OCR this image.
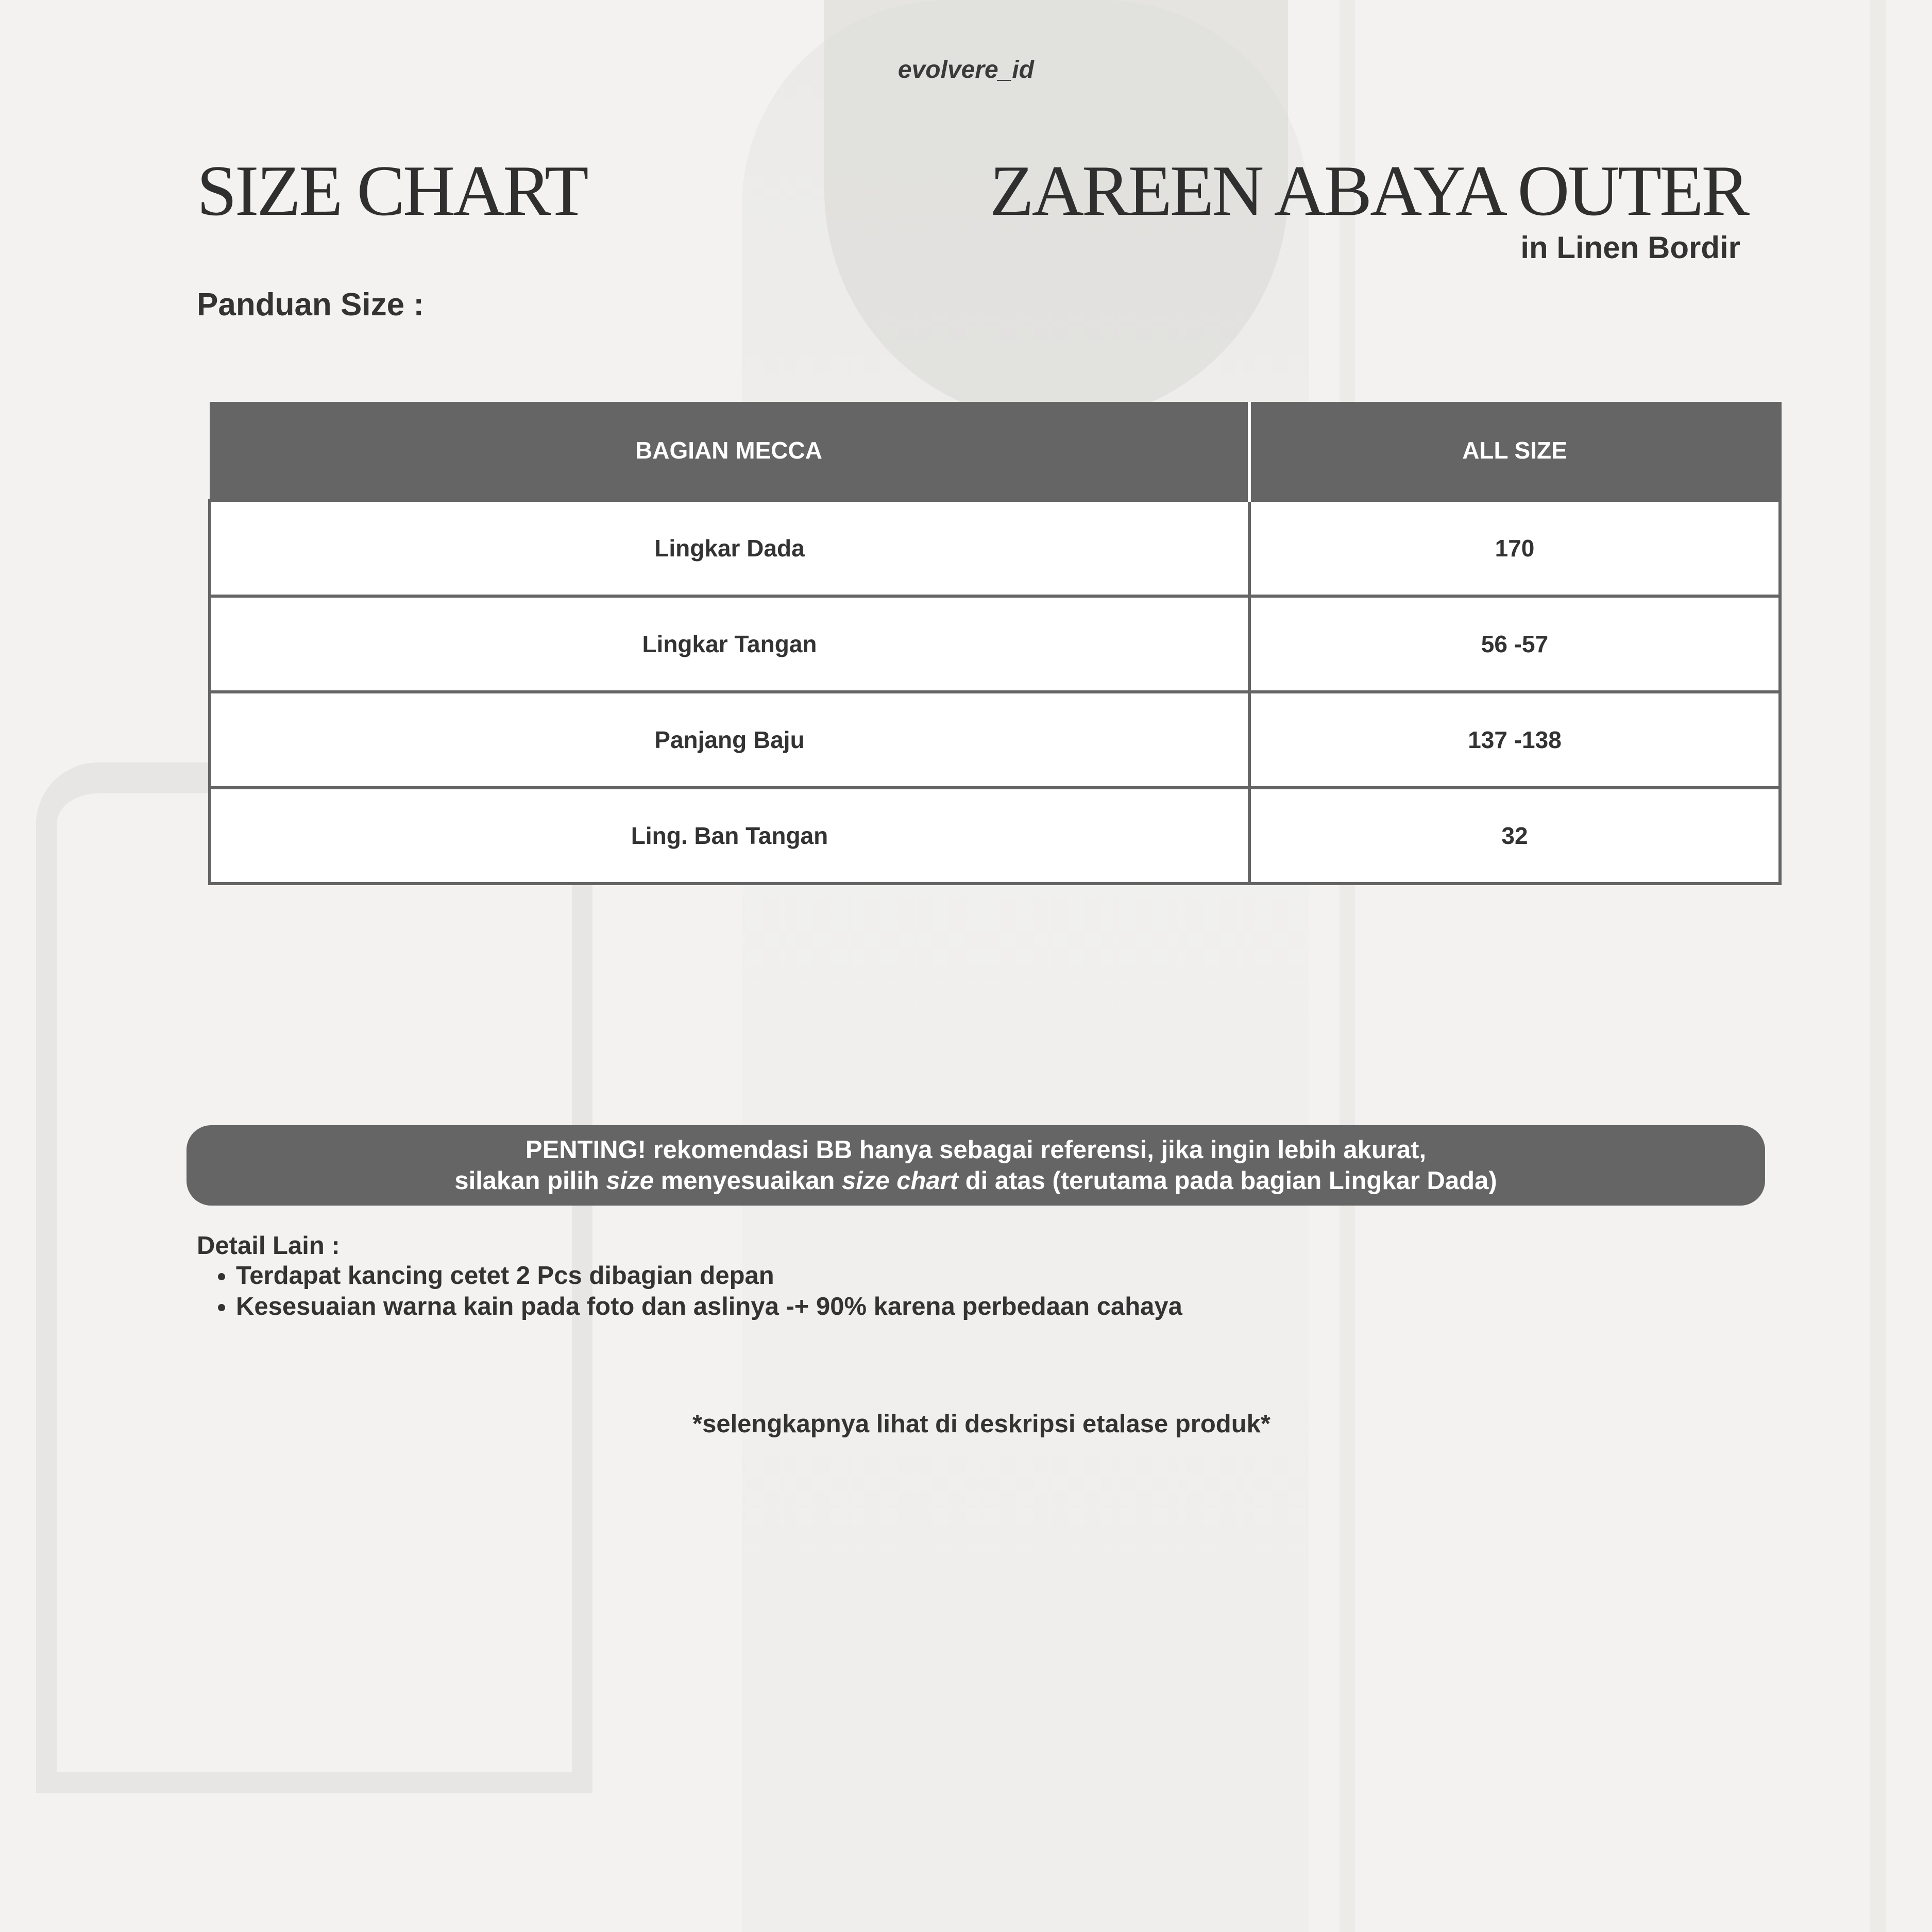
evolvere_id
SIZE CHART	ZAREEN ABAYA OUTER
in Linen Bordir
Panduan Size :
BAGIAN MECCA	ALL SIZE
Lingkar Dada	170
Lingkar Tangan	56 -57
Panjang Baju	137 -138
Ling. Ban Tangan	32
PENTING! rekomendasi BB hanya sebagai referensi, jika ingin lebih akurat,
silakan pilih size menyesuaikan size chart di atas (terutama pada bagian Lingkar Dada)
Detail Lain :
• Terdapat kancing cetet 2 Pcs dibagian depan
• Kesesuaian warna kain pada foto dan aslinya -+ 90% karena perbedaan cahaya
*selengkapnya lihat di deskripsi etalase produk*
